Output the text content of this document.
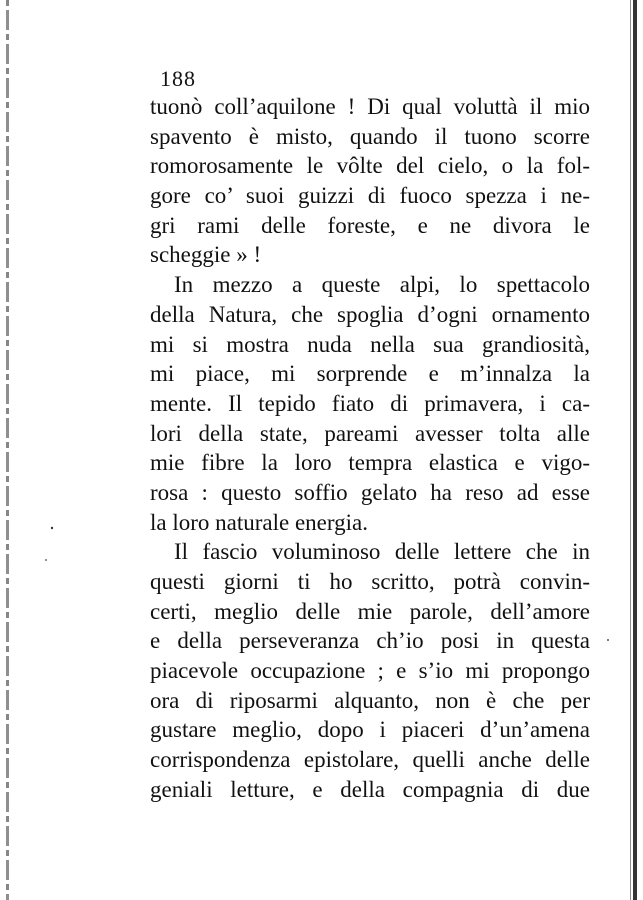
188
tuonò coll’aquilone ! Di qual voluttà il mio
spavento è misto, quando il tuono scorre
romorosamente le vôlte del cielo, o la fol-
gore co’ suoi guizzi di fuoco spezza i ne-
gri rami delle foreste, e ne divora le
scheggie » !
In mezzo a queste alpi, lo spettacolo
della Natura, che spoglia d’ogni ornamento
mi si mostra nuda nella sua grandiosità,
mi piace, mi sorprende e m’innalza la
mente. Il tepido fiato di primavera, i ca-
lori della state, pareami avesser tolta alle
mie fibre la loro tempra elastica e vigo-
rosa : questo soffio gelato ha reso ad esse
la loro naturale energia.
Il fascio voluminoso delle lettere che in
questi giorni ti ho scritto, potrà convin-
certi, meglio delle mie parole, dell’amore
e della perseveranza ch’io posi in questa
piacevole occupazione ; e s’io mi propongo
ora di riposarmi alquanto, non è che per
gustare meglio, dopo i piaceri d’un’amena
corrispondenza epistolare, quelli anche delle
geniali letture, e della compagnia di due
